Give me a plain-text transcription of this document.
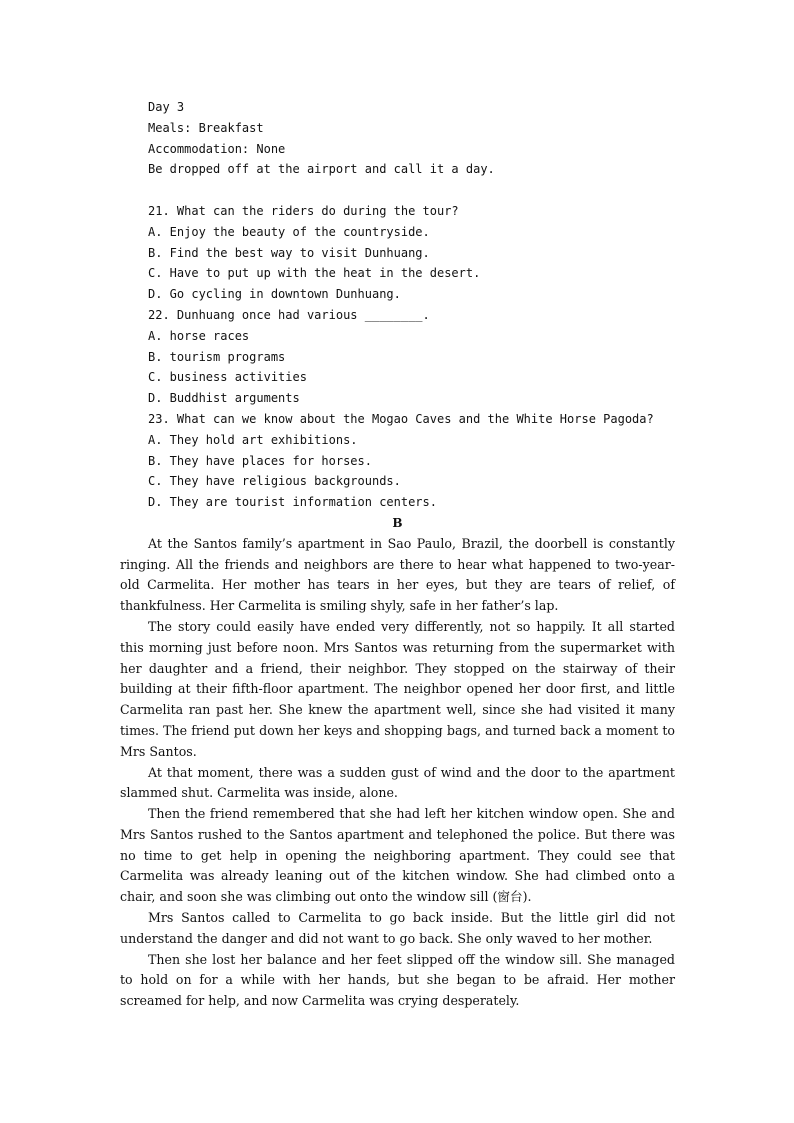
Day 3
Meals: Breakfast
Accommodation: None
Be dropped off at the airport and call it a day.
21. What can the riders do during the tour?
A. Enjoy the beauty of the countryside.
B. Find the best way to visit Dunhuang.
C. Have to put up with the heat in the desert.
D. Go cycling in downtown Dunhuang.
22. Dunhuang once had various ________.
A. horse races
B. tourism programs
C. business activities
D. Buddhist arguments
23. What can we know about the Mogao Caves and the White Horse Pagoda?
A. They hold art exhibitions.
B. They have places for horses.
C. They have religious backgrounds.
D. They are tourist information centers.
B

At the Santos family’s apartment in Sao Paulo, Brazil, the doorbell is constantly ringing. All the friends and neighbors are there to hear what happened to two-year-old Carmelita. Her mother has tears in her eyes, but they are tears of relief, of thankfulness. Her Carmelita is smiling shyly, safe in her father’s lap.

The story could easily have ended very differently, not so happily. It all started this morning just before noon. Mrs Santos was returning from the supermarket with her daughter and a friend, their neighbor. They stopped on the stairway of their building at their fifth-floor apartment. The neighbor opened her door first, and little Carmelita ran past her. She knew the apartment well, since she had visited it many times. The friend put down her keys and shopping bags, and turned back a moment to Mrs Santos.

At that moment, there was a sudden gust of wind and the door to the apartment slammed shut. Carmelita was inside, alone.

Then the friend remembered that she had left her kitchen window open. She and Mrs Santos rushed to the Santos apartment and telephoned the police. But there was no time to get help in opening the neighboring apartment. They could see that Carmelita was already leaning out of the kitchen window. She had climbed onto a chair, and soon she was climbing out onto the window sill (窗台).

Mrs Santos called to Carmelita to go back inside. But the little girl did not understand the danger and did not want to go back. She only waved to her mother.

Then she lost her balance and her feet slipped off the window sill. She managed to hold on for a while with her hands, but she began to be afraid. Her mother screamed for help, and now Carmelita was crying desperately.
